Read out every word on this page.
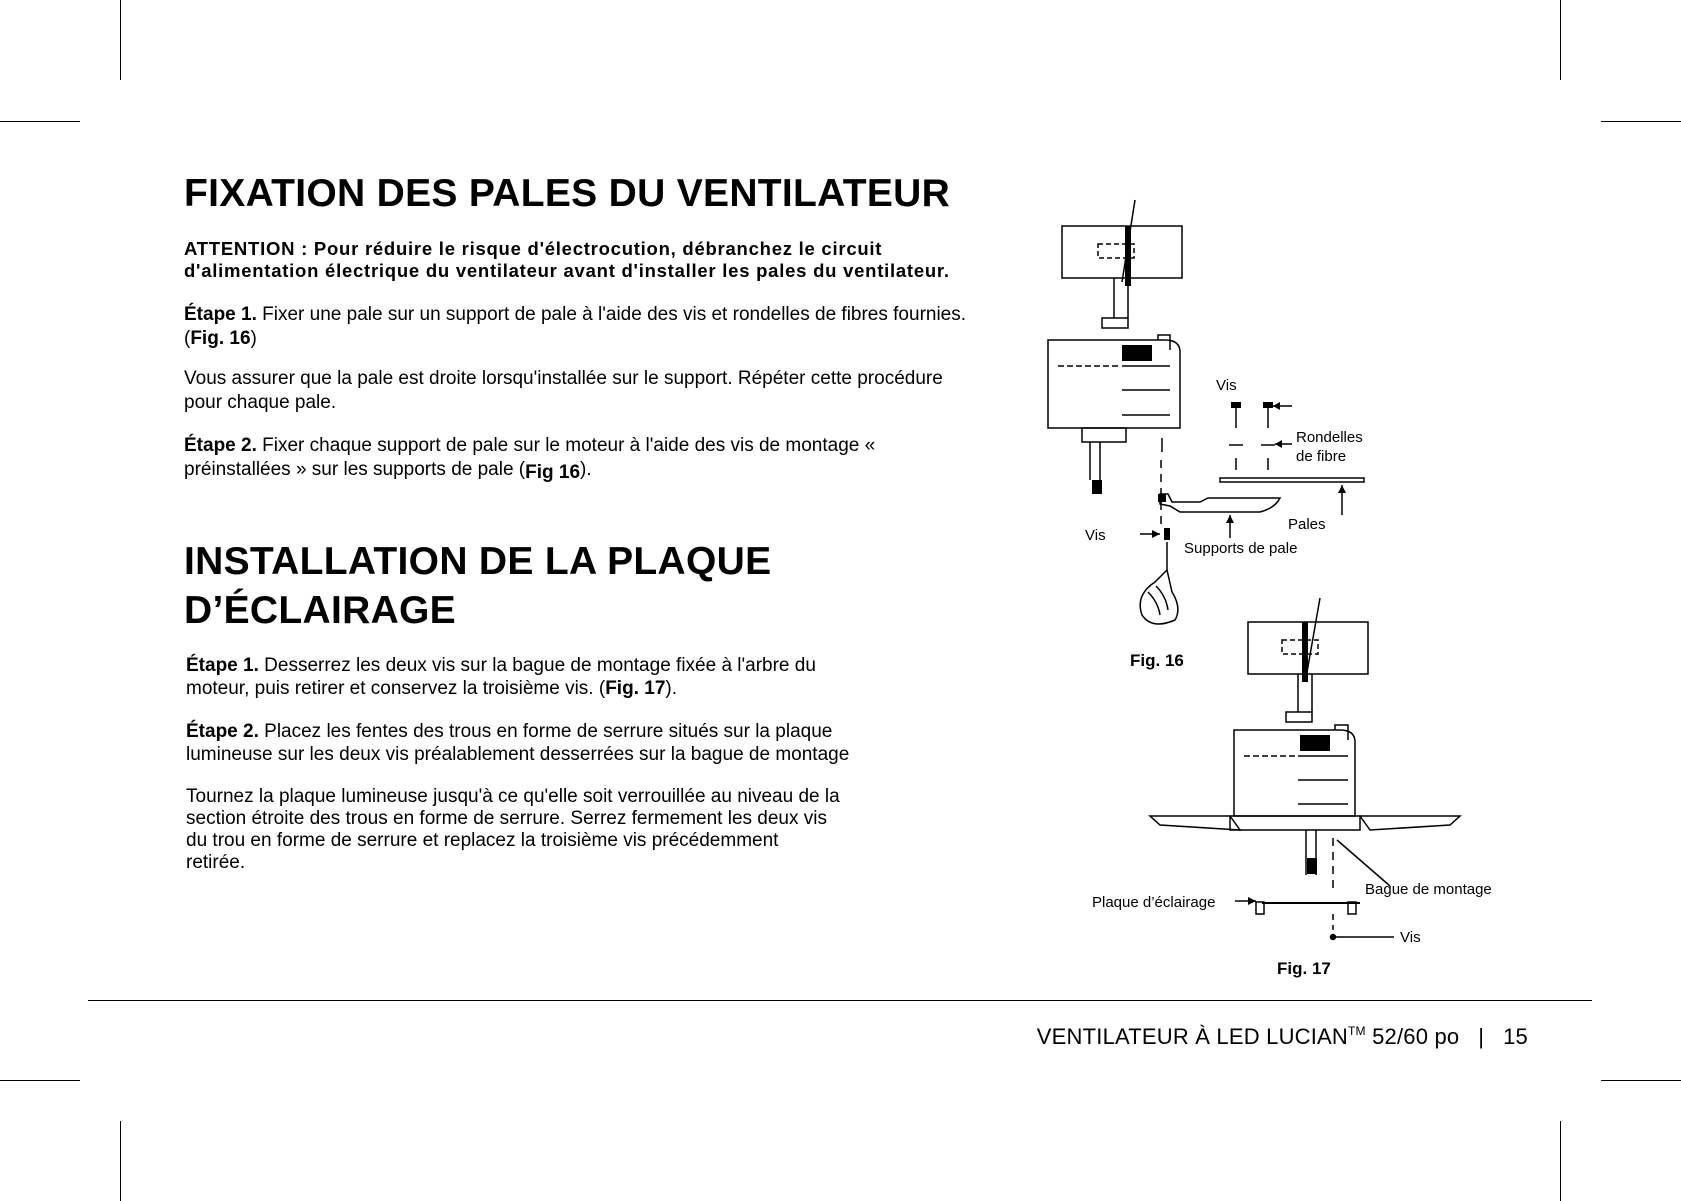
FIXATION DES PALES DU VENTILATEUR

ATTENTION : Pour réduire le risque d'électrocution, débranchez le circuit
d'alimentation électrique du ventilateur avant d'installer les pales du ventilateur.

Étape 1. Fixer une pale sur un support de pale à l'aide des vis et rondelles de fibres fournies.
(Fig. 16)

Vous assurer que la pale est droite lorsqu'installée sur le support. Répéter cette procédure
pour chaque pale.

Étape 2. Fixer chaque support de pale sur le moteur à l'aide des vis de montage «
préinstallées » sur les supports de pale (Fig 16).

INSTALLATION DE LA PLAQUE
D’ÉCLAIRAGE

Étape 1. Desserrez les deux vis sur la bague de montage fixée à l'arbre du
moteur, puis retirer et conservez la troisième vis. (Fig. 17).

Étape 2. Placez les fentes des trous en forme de serrure situés sur la plaque
lumineuse sur les deux vis préalablement desserrées sur la bague de montage

Tournez la plaque lumineuse jusqu'à ce qu'elle soit verrouillée au niveau de la
section étroite des trous en forme de serrure. Serrez fermement les deux vis
du trou en forme de serrure et replacez la troisième vis précédemment
retirée.

Vis
Rondelles
de fibre
Pales
Vis
Supports de pale
Fig. 16
Bague de montage
Plaque d’éclairage
Vis
Fig. 17

VENTILATEUR À LED LUCIAN™ 52/60 po | 15
